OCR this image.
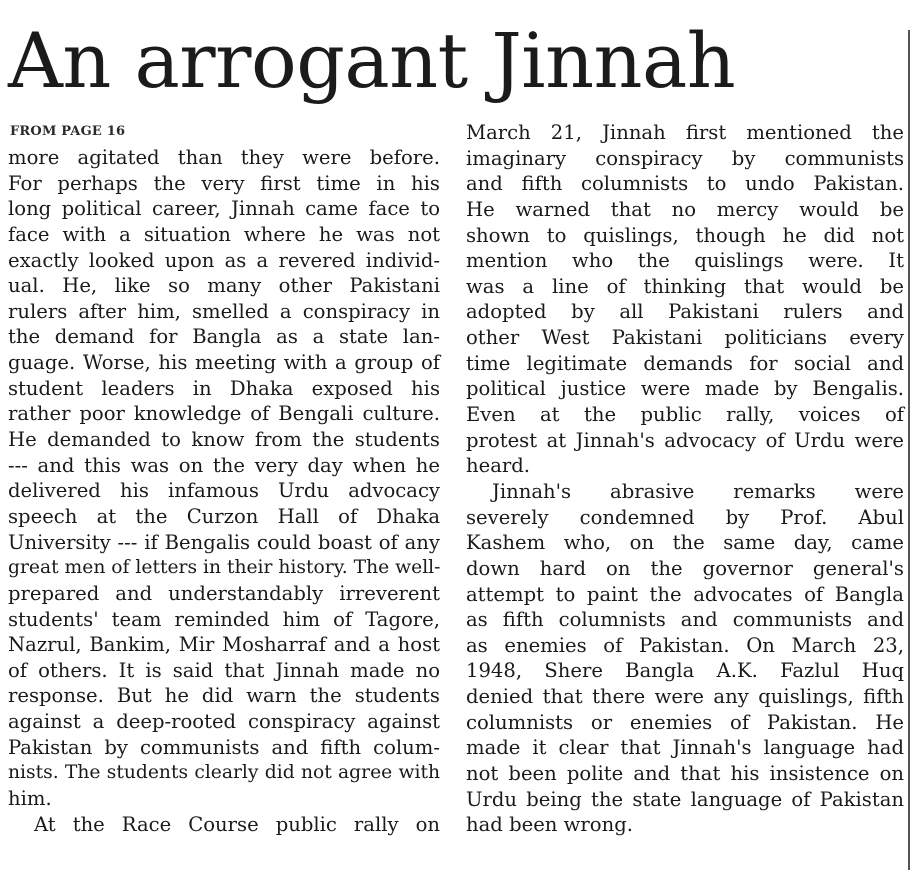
An arrogant Jinnah
FROM PAGE 16
more agitated than they were before.
For perhaps the very first time in his
long political career, Jinnah came face to
face with a situation where he was not
exactly looked upon as a revered individ-
ual. He, like so many other Pakistani
rulers after him, smelled a conspiracy in
the demand for Bangla as a state lan-
guage. Worse, his meeting with a group of
student leaders in Dhaka exposed his
rather poor knowledge of Bengali culture.
He demanded to know from the students
--- and this was on the very day when he
delivered his infamous Urdu advocacy
speech at the Curzon Hall of Dhaka
University --- if Bengalis could boast of any
great men of letters in their history. The well-
prepared and understandably irreverent
students' team reminded him of Tagore,
Nazrul, Bankim, Mir Mosharraf and a host
of others. It is said that Jinnah made no
response. But he did warn the students
against a deep-rooted conspiracy against
Pakistan by communists and fifth colum-
nists. The students clearly did not agree with
him.
At the Race Course public rally on
March 21, Jinnah first mentioned the
imaginary conspiracy by communists
and fifth columnists to undo Pakistan.
He warned that no mercy would be
shown to quislings, though he did not
mention who the quislings were. It
was a line of thinking that would be
adopted by all Pakistani rulers and
other West Pakistani politicians every
time legitimate demands for social and
political justice were made by Bengalis.
Even at the public rally, voices of
protest at Jinnah's advocacy of Urdu were
heard.
Jinnah's abrasive remarks were
severely condemned by Prof. Abul
Kashem who, on the same day, came
down hard on the governor general's
attempt to paint the advocates of Bangla
as fifth columnists and communists and
as enemies of Pakistan. On March 23,
1948, Shere Bangla A.K. Fazlul Huq
denied that there were any quislings, fifth
columnists or enemies of Pakistan. He
made it clear that Jinnah's language had
not been polite and that his insistence on
Urdu being the state language of Pakistan
had been wrong.
